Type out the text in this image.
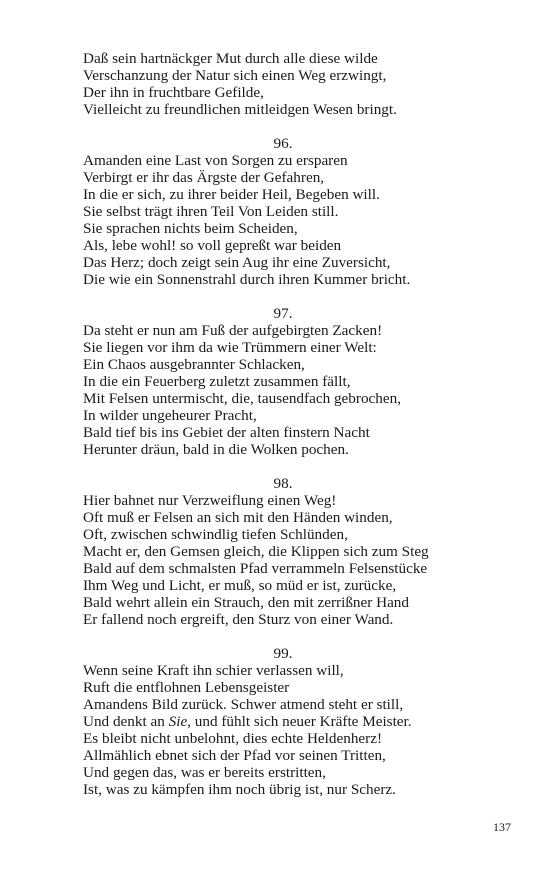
Daß sein hartnäckger Mut durch alle diese wilde
Verschanzung der Natur sich einen Weg erzwingt,
Der ihn in fruchtbare Gefilde,
Vielleicht zu freundlichen mitleidgen Wesen bringt.
96.
Amanden eine Last von Sorgen zu ersparen
Verbirgt er ihr das Ärgste der Gefahren,
In die er sich, zu ihrer beider Heil, Begeben will.
Sie selbst trägt ihren Teil Von Leiden still.
Sie sprachen nichts beim Scheiden,
Als, lebe wohl! so voll gepreßt war beiden
Das Herz; doch zeigt sein Aug ihr eine Zuversicht,
Die wie ein Sonnenstrahl durch ihren Kummer bricht.
97.
Da steht er nun am Fuß der aufgebirgten Zacken!
Sie liegen vor ihm da wie Trümmern einer Welt:
Ein Chaos ausgebrannter Schlacken,
In die ein Feuerberg zuletzt zusammen fällt,
Mit Felsen untermischt, die, tausendfach gebrochen,
In wilder ungeheurer Pracht,
Bald tief bis ins Gebiet der alten finstern Nacht
Herunter dräun, bald in die Wolken pochen.
98.
Hier bahnet nur Verzweiflung einen Weg!
Oft muß er Felsen an sich mit den Händen winden,
Oft, zwischen schwindlig tiefen Schlünden,
Macht er, den Gemsen gleich, die Klippen sich zum Steg
Bald auf dem schmalsten Pfad verrammeln Felsenstücke
Ihm Weg und Licht, er muß, so müd er ist, zurücke,
Bald wehrt allein ein Strauch, den mit zerrißner Hand
Er fallend noch ergreift, den Sturz von einer Wand.
99.
Wenn seine Kraft ihn schier verlassen will,
Ruft die entflohnen Lebensgeister
Amandens Bild zurück. Schwer atmend steht er still,
Und denkt an Sie, und fühlt sich neuer Kräfte Meister.
Es bleibt nicht unbelohnt, dies echte Heldenherz!
Allmählich ebnet sich der Pfad vor seinen Tritten,
Und gegen das, was er bereits erstritten,
Ist, was zu kämpfen ihm noch übrig ist, nur Scherz.
137
